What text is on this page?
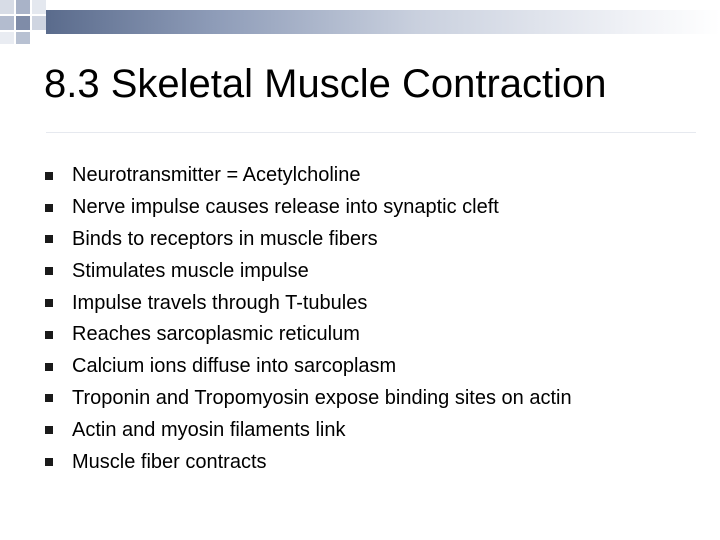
8.3 Skeletal Muscle Contraction
Neurotransmitter = Acetylcholine
Nerve impulse causes release into synaptic cleft
Binds to receptors in muscle fibers
Stimulates muscle impulse
Impulse travels through T-tubules
Reaches sarcoplasmic reticulum
Calcium ions diffuse into sarcoplasm
Troponin and Tropomyosin expose binding sites on actin
Actin and myosin filaments link
Muscle fiber contracts
